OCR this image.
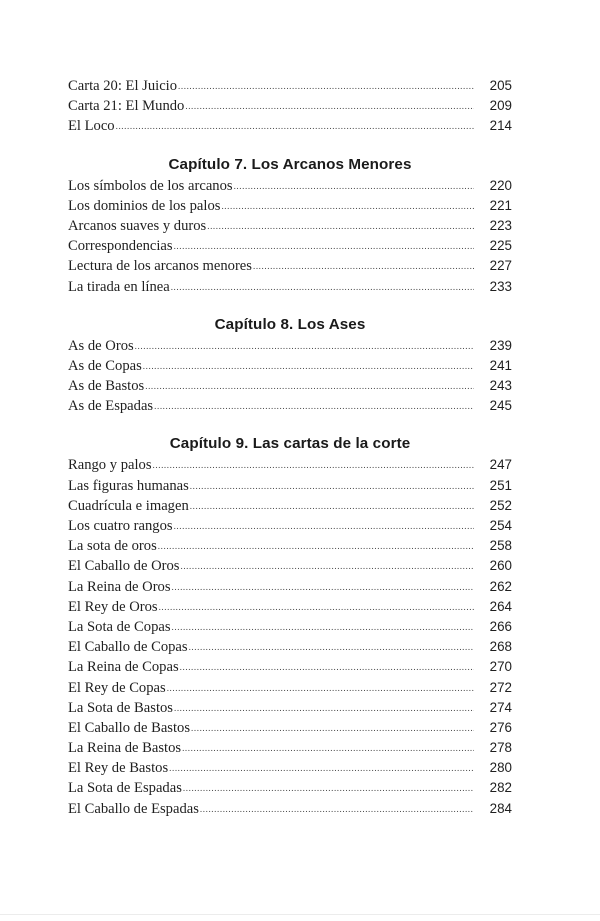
Carta 20: El Juicio .....	205
Carta 21: El Mundo .....	209
El Loco .....	214
Capítulo 7. Los Arcanos Menores
Los símbolos de los arcanos .....	220
Los dominios de los palos .....	221
Arcanos suaves y duros .....	223
Correspondencias .....	225
Lectura de los arcanos menores .....	227
La tirada en línea .....	233
Capítulo 8. Los Ases
As de Oros .....	239
As de Copas .....	241
As de Bastos .....	243
As de Espadas .....	245
Capítulo 9. Las cartas de la corte
Rango y palos .....	247
Las figuras humanas .....	251
Cuadrícula e imagen .....	252
Los cuatro rangos .....	254
La sota de oros .....	258
El Caballo de Oros .....	260
La Reina de Oros .....	262
El Rey de Oros .....	264
La Sota de Copas .....	266
El Caballo de Copas .....	268
La Reina de Copas .....	270
El Rey de Copas .....	272
La Sota de Bastos .....	274
El Caballo de Bastos .....	276
La Reina de Bastos .....	278
El Rey de Bastos .....	280
La Sota de Espadas .....	282
El Caballo de Espadas .....	284
